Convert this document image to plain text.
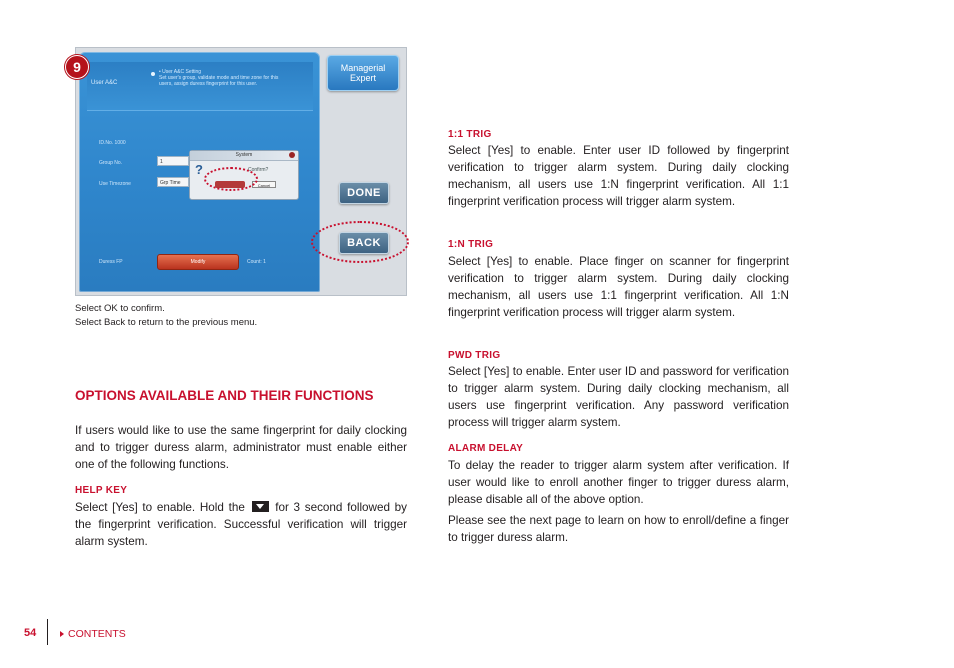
User A&C
• User A&C Setting
Set user's group, validate mode and time zone for this
users, assign duress fingerprint for this user.
ID.No. 1000
Group No.	1
Use Timezone	Grp Time
System
?	Confirm?
Cancel
Duress FP	Modify	Count: 1
Managerial
Expert
DONE
BACK
9
Select OK to confirm.
Select Back to return to the previous menu.
OPTIONS AVAILABLE AND THEIR FUNCTIONS
If users would like to use the same fingerprint for daily clocking and to trigger duress alarm, administrator must enable either one of the following functions.
HELP KEY
Select [Yes] to enable. Hold the	for 3 second followed by the fingerprint verification. Successful verification will trigger alarm system.
1:1 TRIG
Select [Yes] to enable. Enter user ID followed by fingerprint verification to trigger alarm system. During daily clocking mechanism, all users use 1:N fingerprint verification. All 1:1 fingerprint verification process will trigger alarm system.
1:N TRIG
Select [Yes] to enable. Place finger on scanner for fingerprint verification to trigger alarm system. During daily clocking mechanism, all users use 1:1 fingerprint verification. All 1:N fingerprint verification process will trigger alarm system.
PWD TRIG
Select [Yes] to enable. Enter user ID and password for verification to trigger alarm system. During daily clocking mechanism, all users use fingerprint verification. Any password verification process will trigger alarm system.
ALARM DELAY
To delay the reader to trigger alarm system after verification. If user would like to enroll another finger to trigger duress alarm, please disable all of the above option.
Please see the next page to learn on how to enroll/define a finger to trigger duress alarm.
54	CONTENTS
